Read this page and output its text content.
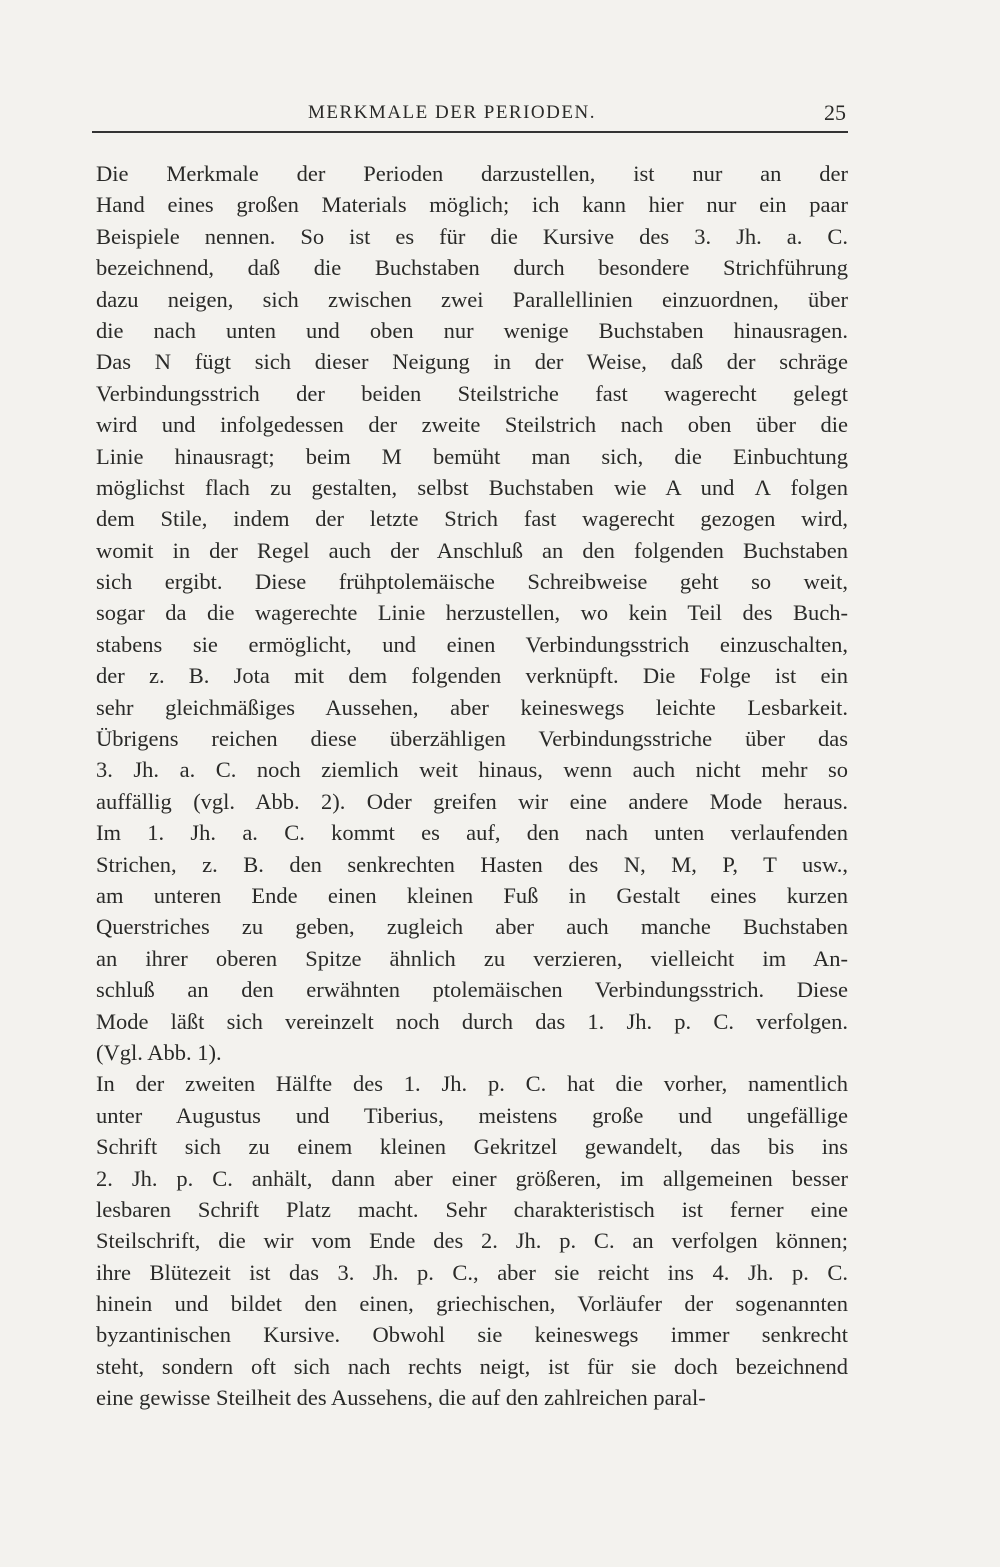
MERKMALE DER PERIODEN.	25
Die Merkmale der Perioden darzustellen, ist nur an der
Hand eines großen Materials möglich; ich kann hier nur ein paar
Beispiele nennen. So ist es für die Kursive des 3. Jh. a. C.
bezeichnend, daß die Buchstaben durch besondere Strichführung
dazu neigen, sich zwischen zwei Parallellinien einzuordnen, über
die nach unten und oben nur wenige Buchstaben hinausragen.
Das N fügt sich dieser Neigung in der Weise, daß der schräge
Verbindungsstrich der beiden Steilstriche fast wagerecht gelegt
wird und infolgedessen der zweite Steilstrich nach oben über die
Linie hinausragt; beim M bemüht man sich, die Einbuchtung
möglichst flach zu gestalten, selbst Buchstaben wie A und Λ folgen
dem Stile, indem der letzte Strich fast wagerecht gezogen wird,
womit in der Regel auch der Anschluß an den folgenden Buchstaben
sich ergibt. Diese frühptolemäische Schreibweise geht so weit,
sogar da die wagerechte Linie herzustellen, wo kein Teil des Buch-
stabens sie ermöglicht, und einen Verbindungsstrich einzuschalten,
der z. B. Jota mit dem folgenden verknüpft. Die Folge ist ein
sehr gleichmäßiges Aussehen, aber keineswegs leichte Lesbarkeit.
Übrigens reichen diese überzähligen Verbindungsstriche über das
3. Jh. a. C. noch ziemlich weit hinaus, wenn auch nicht mehr so
auffällig (vgl. Abb. 2). Oder greifen wir eine andere Mode heraus.
Im 1. Jh. a. C. kommt es auf, den nach unten verlaufenden
Strichen, z. B. den senkrechten Hasten des N, M, P, T usw.,
am unteren Ende einen kleinen Fuß in Gestalt eines kurzen
Querstriches zu geben, zugleich aber auch manche Buchstaben
an ihrer oberen Spitze ähnlich zu verzieren, vielleicht im An-
schluß an den erwähnten ptolemäischen Verbindungsstrich. Diese
Mode läßt sich vereinzelt noch durch das 1. Jh. p. C. verfolgen.
(Vgl. Abb. 1).
In der zweiten Hälfte des 1. Jh. p. C. hat die vorher, namentlich
unter Augustus und Tiberius, meistens große und ungefällige
Schrift sich zu einem kleinen Gekritzel gewandelt, das bis ins
2. Jh. p. C. anhält, dann aber einer größeren, im allgemeinen besser
lesbaren Schrift Platz macht. Sehr charakteristisch ist ferner eine
Steilschrift, die wir vom Ende des 2. Jh. p. C. an verfolgen können;
ihre Blütezeit ist das 3. Jh. p. C., aber sie reicht ins 4. Jh. p. C.
hinein und bildet den einen, griechischen, Vorläufer der sogenannten
byzantinischen Kursive. Obwohl sie keineswegs immer senkrecht
steht, sondern oft sich nach rechts neigt, ist für sie doch bezeichnend
eine gewisse Steilheit des Aussehens, die auf den zahlreichen paral-
